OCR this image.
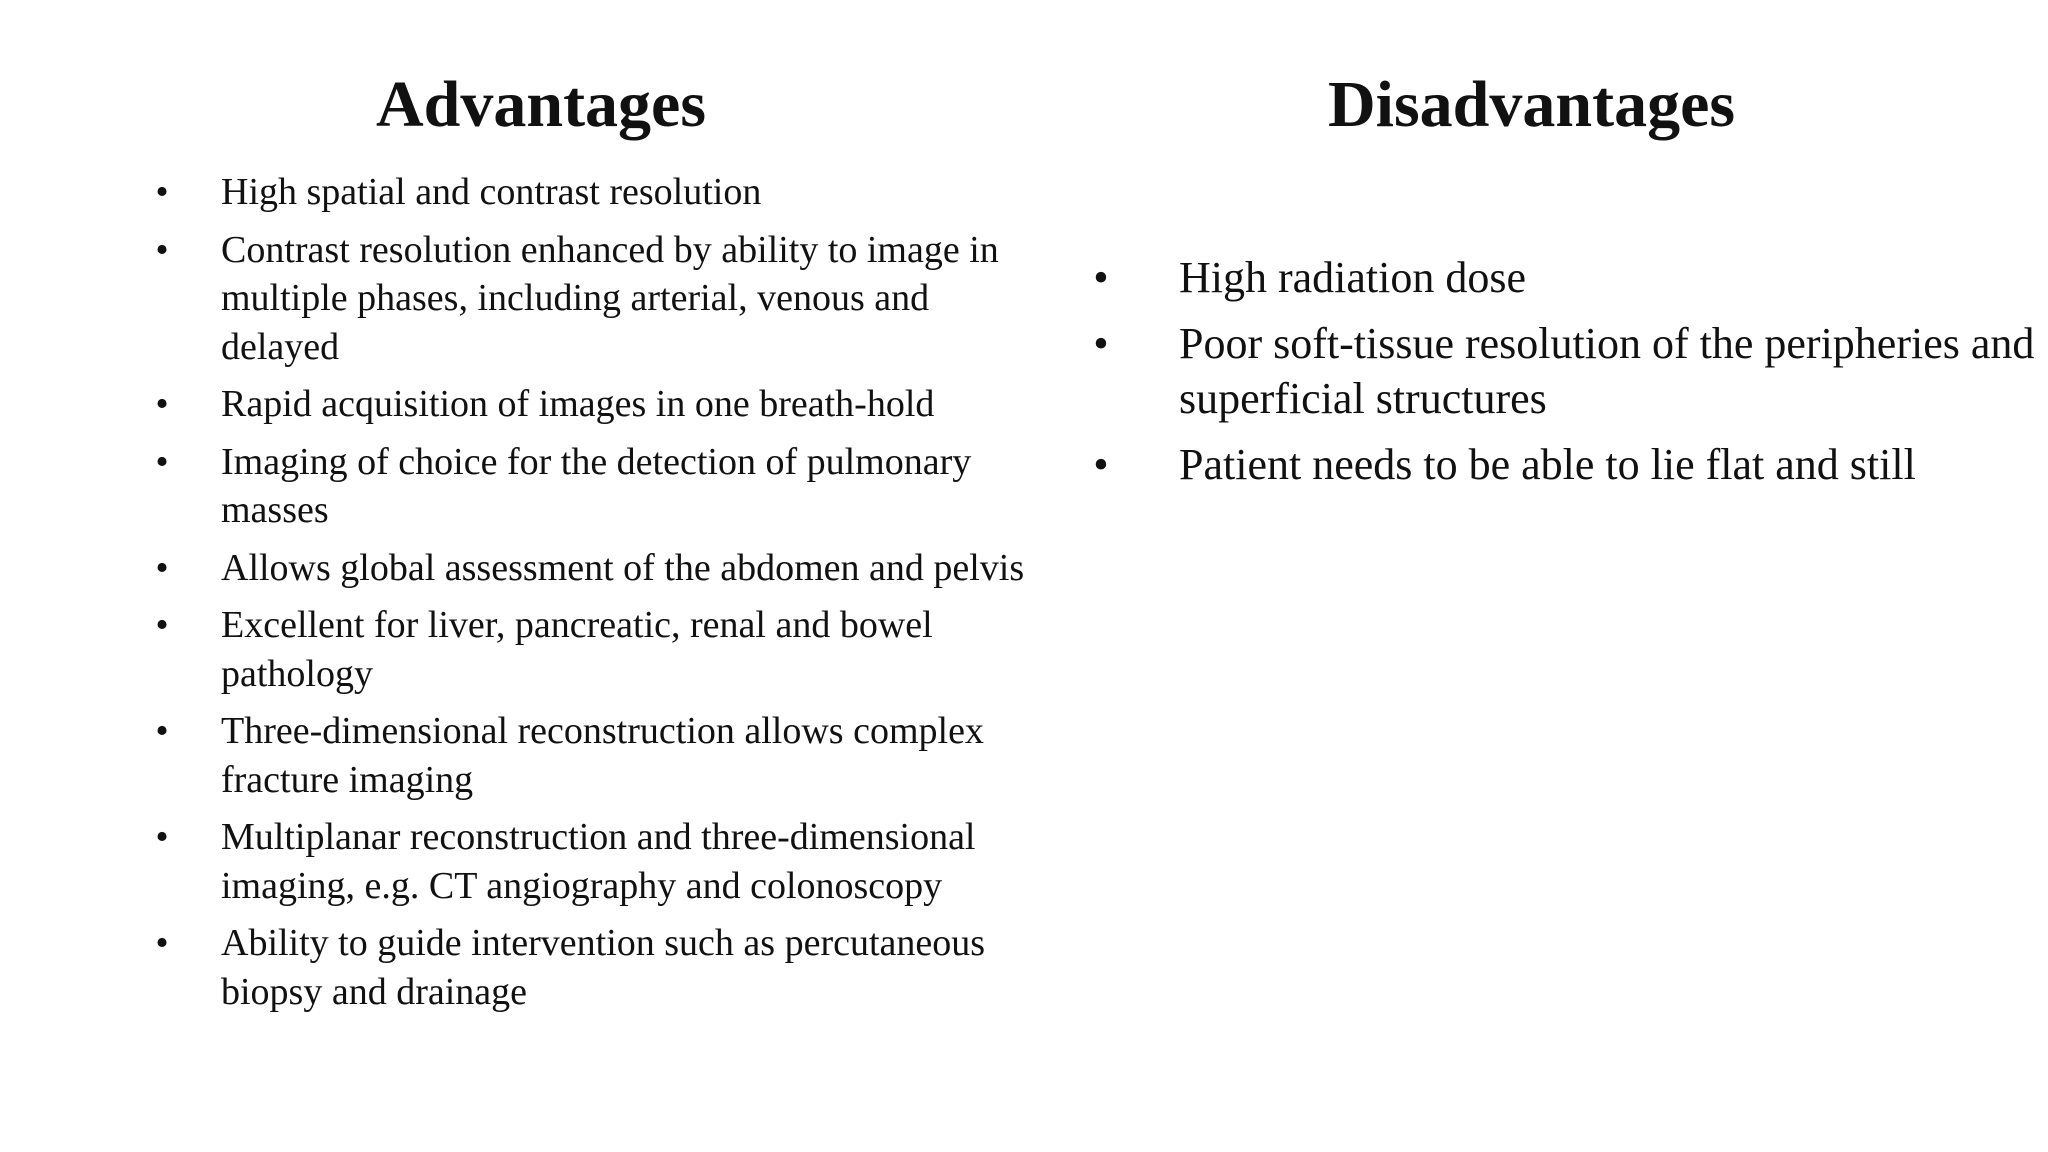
Advantages
•	High spatial and contrast resolution
•	Contrast resolution enhanced by ability to image in multiple phases, including arterial, venous and delayed
•	Rapid acquisition of images in one breath-hold
•	Imaging of choice for the detection of pulmonary masses
•	Allows global assessment of the abdomen and pelvis
•	Excellent for liver, pancreatic, renal and bowel pathology
•	Three-dimensional reconstruction allows complex fracture imaging
•	Multiplanar reconstruction and three-dimensional imaging, e.g. CT angiography and colonoscopy
•	Ability to guide intervention such as percutaneous biopsy and drainage
Disadvantages
• High radiation dose
• Poor soft-tissue resolution of the peripheries and superficial structures
• Patient needs to be able to lie flat and still
